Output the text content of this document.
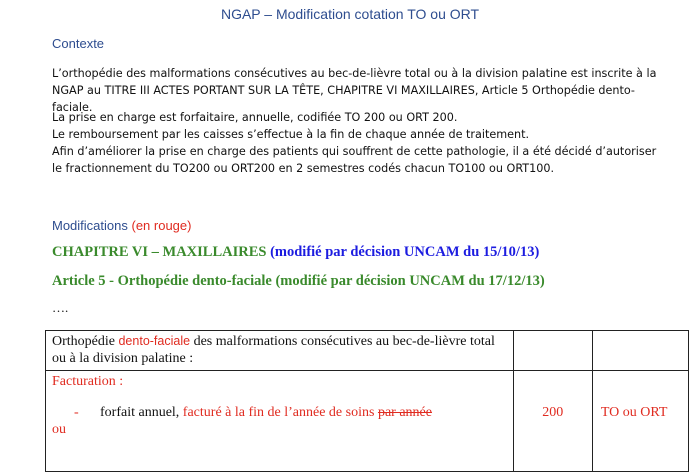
NGAP – Modification cotation TO ou ORT
Contexte
L’orthopédie des malformations consécutives au bec-de-lièvre total ou à la division palatine est inscrite à la
NGAP au TITRE III ACTES PORTANT SUR LA TÊTE, CHAPITRE VI MAXILLAIRES, Article 5 Orthopédie dento-
faciale.
La prise en charge est forfaitaire, annuelle, codifiée TO 200 ou ORT 200.
Le remboursement par les caisses s’effectue à la fin de chaque année de traitement.
Afin d’améliorer la prise en charge des patients qui souffrent de cette pathologie, il a été décidé d’autoriser
le fractionnement du TO200 ou ORT200 en 2 semestres codés chacun TO100 ou ORT100.
Modifications (en rouge)
CHAPITRE VI – MAXILLAIRES (modifié par décision UNCAM du 15/10/13)
Article 5 - Orthopédie dento-faciale (modifié par décision UNCAM du 17/12/13)
….
Orthopédie dento-faciale des malformations consécutives au bec-de-lièvre total
ou à la division palatine :		

Facturation :
- forfait annuel, facturé à la fin de l’année de soins par année
ou	200	TO ou ORT
